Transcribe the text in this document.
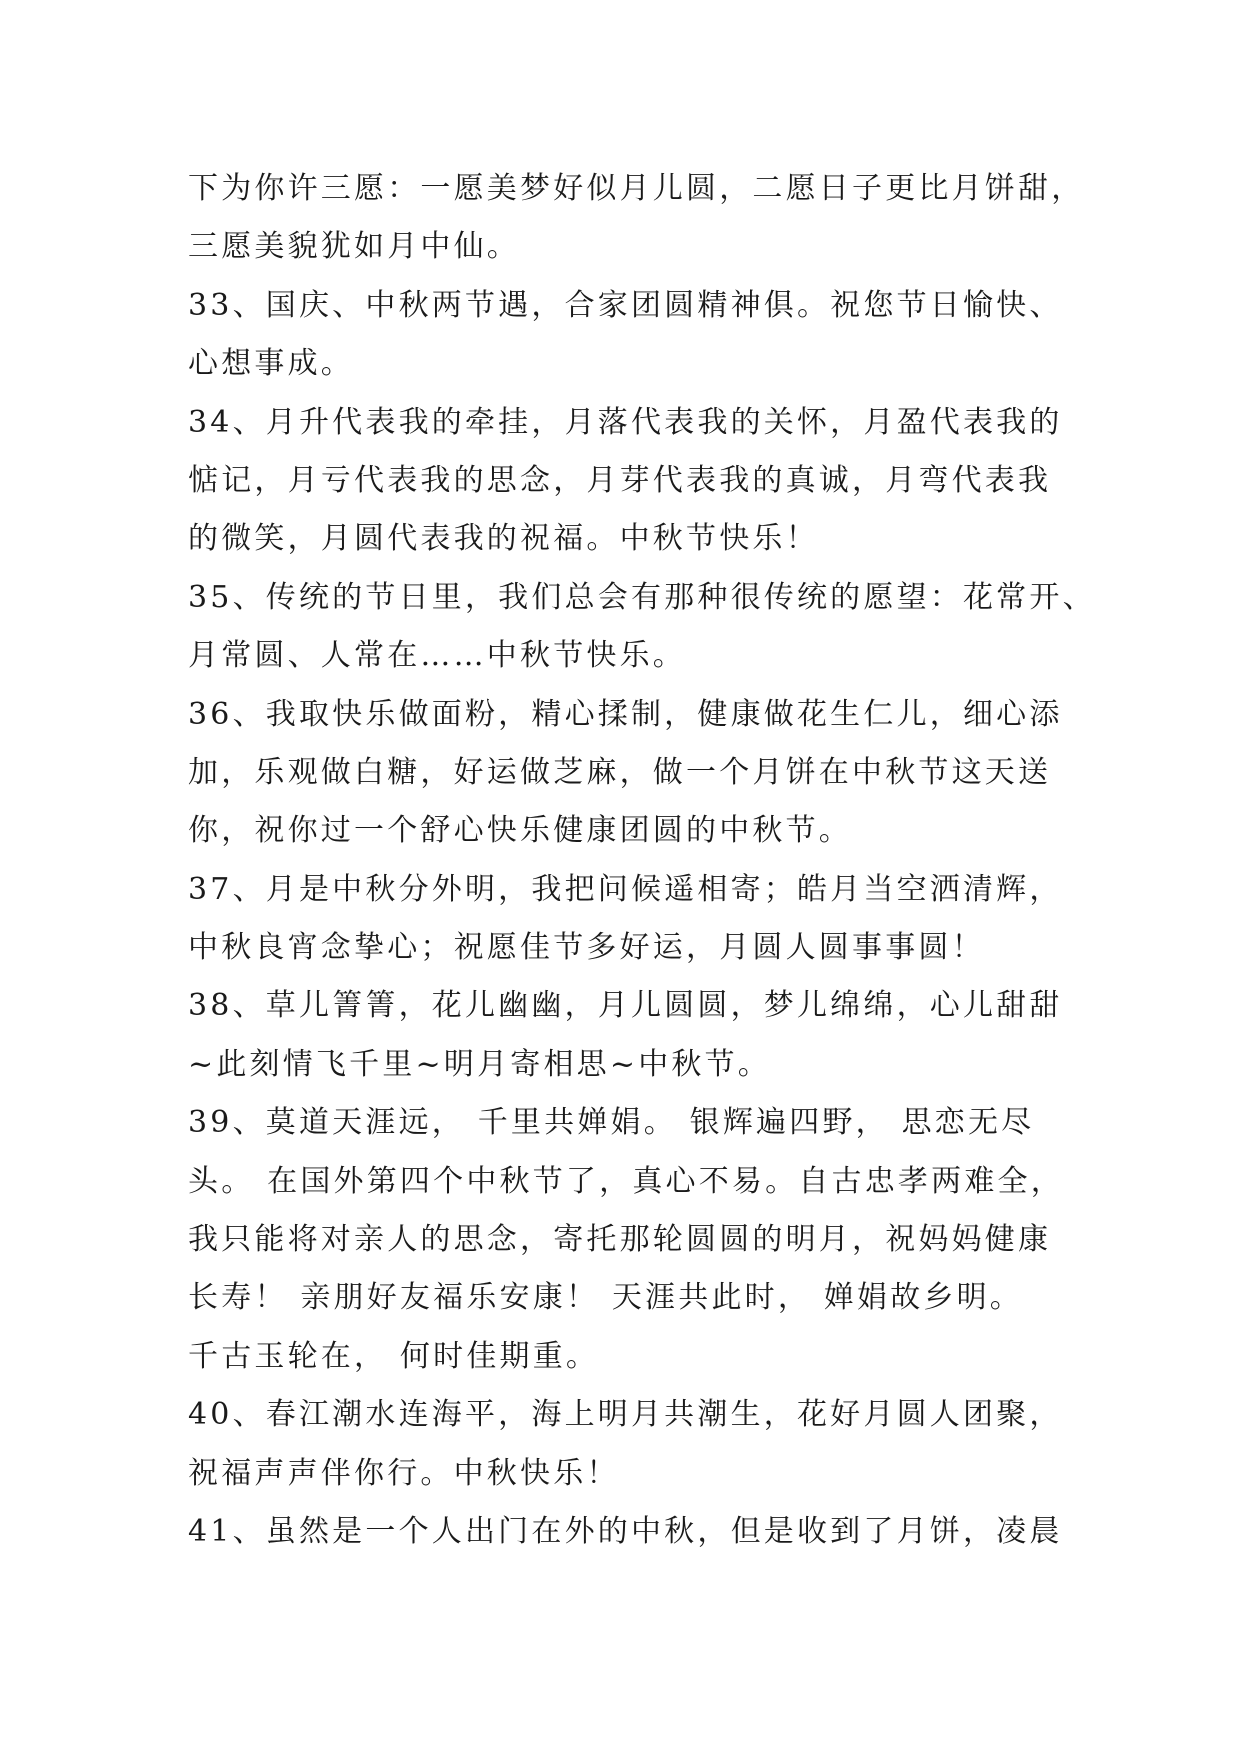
下为你许三愿：一愿美梦好似月儿圆，二愿日子更比月饼甜，
三愿美貌犹如月中仙。
33、国庆、中秋两节遇，合家团圆精神俱。祝您节日愉快、
心想事成。
34、月升代表我的牵挂，月落代表我的关怀，月盈代表我的
惦记，月亏代表我的思念，月芽代表我的真诚，月弯代表我
的微笑，月圆代表我的祝福。中秋节快乐！
35、传统的节日里，我们总会有那种很传统的愿望：花常开、
月常圆、人常在……中秋节快乐。
36、我取快乐做面粉，精心揉制，健康做花生仁儿，细心添
加，乐观做白糖，好运做芝麻，做一个月饼在中秋节这天送
你，祝你过一个舒心快乐健康团圆的中秋节。
37、月是中秋分外明，我把问候遥相寄；皓月当空洒清辉，
中秋良宵念挚心；祝愿佳节多好运，月圆人圆事事圆！
38、草儿箐箐，花儿幽幽，月儿圆圆，梦儿绵绵，心儿甜甜
~此刻情飞千里~明月寄相思~中秋节。
39、莫道天涯远， 千里共婵娟。 银辉遍四野， 思恋无尽
头。 在国外第四个中秋节了，真心不易。自古忠孝两难全，
我只能将对亲人的思念，寄托那轮圆圆的明月，祝妈妈健康
长寿！ 亲朋好友福乐安康！ 天涯共此时， 婵娟故乡明。
千古玉轮在， 何时佳期重。
40、春江潮水连海平，海上明月共潮生，花好月圆人团聚，
祝福声声伴你行。中秋快乐！
41、虽然是一个人出门在外的中秋，但是收到了月饼，凌晨
